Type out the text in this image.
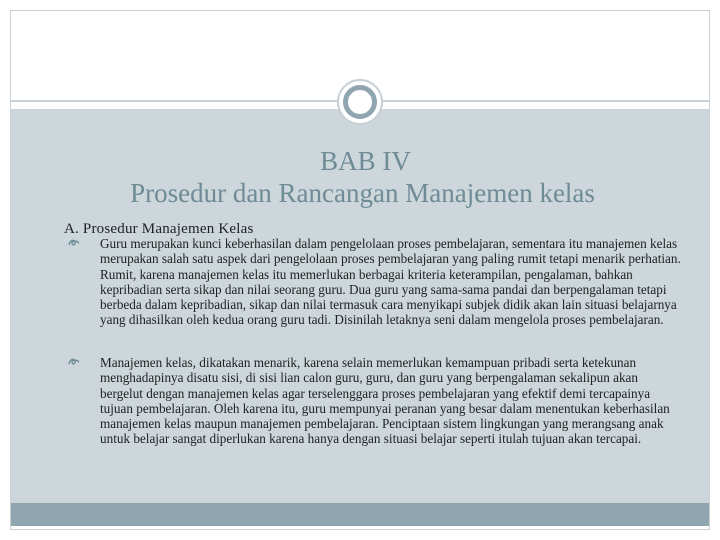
BAB IV
Prosedur dan Rancangan Manajemen kelas
A. Prosedur Manajemen Kelas
Guru merupakan kunci keberhasilan dalam pengelolaan proses pembelajaran, sementara itu manajemen kelas merupakan salah satu aspek dari pengelolaan proses pembelajaran yang paling rumit tetapi menarik perhatian. Rumit, karena manajemen kelas itu memerlukan berbagai kriteria keterampilan, pengalaman, bahkan kepribadian serta sikap dan nilai seorang guru. Dua guru yang sama-sama pandai dan berpengalaman tetapi berbeda dalam kepribadian, sikap dan nilai termasuk cara menyikapi subjek didik akan lain situasi belajarnya yang dihasilkan oleh kedua orang guru tadi. Disinilah letaknya seni dalam mengelola proses pembelajaran.
Manajemen kelas, dikatakan menarik, karena selain memerlukan kemampuan pribadi serta ketekunan menghadapinya disatu sisi, di sisi lian calon guru, guru, dan guru yang berpengalaman sekalipun akan bergelut dengan manajemen kelas agar terselenggara proses pembelajaran yang efektif demi tercapainya tujuan pembelajaran. Oleh karena itu, guru mempunyai peranan yang besar dalam menentukan keberhasilan manajemen kelas maupun manajemen pembelajaran. Penciptaan sistem lingkungan yang merangsang anak untuk belajar sangat diperlukan karena hanya dengan situasi belajar seperti itulah tujuan akan tercapai.
